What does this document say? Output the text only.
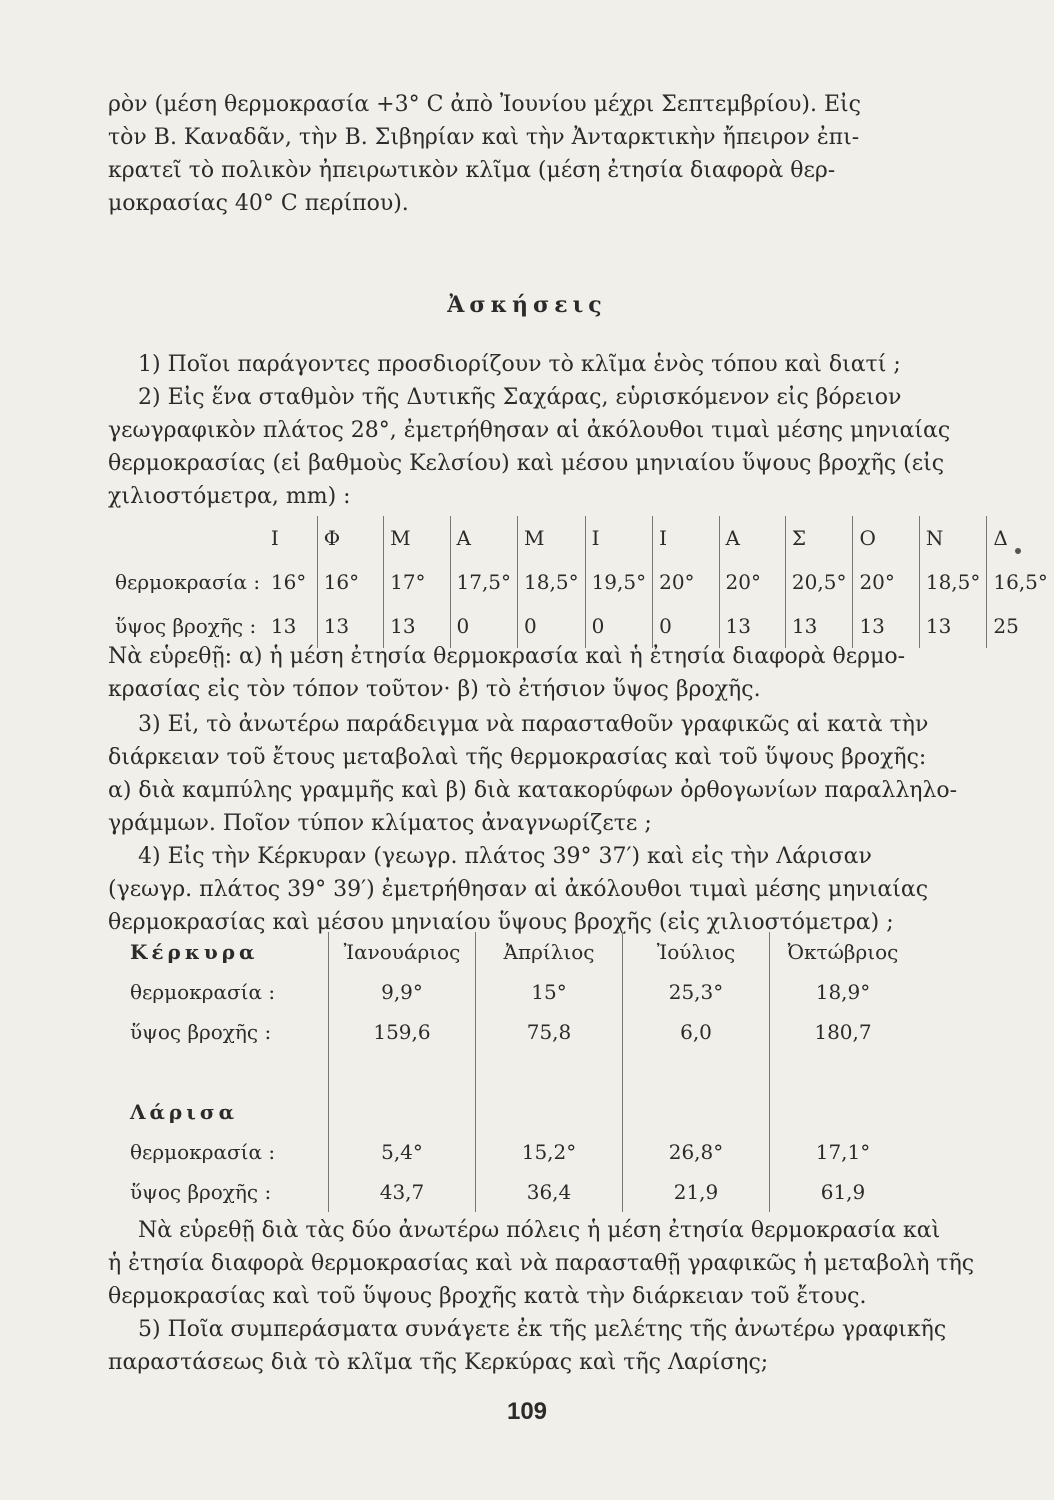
ρὸν (μέση θερμοκρασία +3° C ἀπὸ Ἰουνίου μέχρι Σεπτεμβρίου). Εἰς
τὸν Β. Καναδᾶν, τὴν Β. Σιβηρίαν καὶ τὴν Ἀνταρκτικὴν ἤπειρον ἐπι-
κρατεῖ τὸ πολικὸν ἠπειρωτικὸν κλῖμα (μέση ἐτησία διαφορὰ θερ-
μοκρασίας 40° C περίπου).
Ἀσκήσεις
1) Ποῖοι παράγοντες προσδιορίζουν τὸ κλῖμα ἑνὸς τόπου καὶ διατί ;
2) Εἰς ἕνα σταθμὸν τῆς Δυτικῆς Σαχάρας, εὑρισκόμενον εἰς βόρειον
γεωγραφικὸν πλάτος 28°, ἐμετρήθησαν αἱ ἀκόλουθοι τιμαὶ μέσης μηνιαίας
θερμοκρασίας (εἰ βαθμοὺς Κελσίου) καὶ μέσου μηνιαίου ὕψους βροχῆς (εἰς
χιλιοστόμετρα, mm) :
	Ι	Φ	Μ	Α	Μ	Ι	Ι	Α	Σ	Ο	Ν	Δ
θερμοκρασία :	16°	16°	17°	17,5°	18,5°	19,5°	20°	20°	20,5°	20°	18,5°	16,5°
ὕψος βροχῆς :	13	13	13	0	0	0	0	13	13	13	13	25
Νὰ εὑρεθῇ: α) ἡ μέση ἐτησία θερμοκρασία καὶ ἡ ἐτησία διαφορὰ θερμο-
κρασίας εἰς τὸν τόπον τοῦτον· β) τὸ ἐτήσιον ὕψος βροχῆς.
3) Εἰ, τὸ ἀνωτέρω παράδειγμα νὰ παρασταθοῦν γραφικῶς αἱ κατὰ τὴν
διάρκειαν τοῦ ἔτους μεταβολαὶ τῆς θερμοκρασίας καὶ τοῦ ὕψους βροχῆς:
α) διὰ καμπύλης γραμμῆς καὶ β) διὰ κατακορύφων ὀρθογωνίων παραλληλο-
γράμμων. Ποῖον τύπον κλίματος ἀναγνωρίζετε ;
4) Εἰς τὴν Κέρκυραν (γεωγρ. πλάτος 39° 37′) καὶ εἰς τὴν Λάρισαν
(γεωγρ. πλάτος 39° 39′) ἐμετρήθησαν αἱ ἀκόλουθοι τιμαὶ μέσης μηνιαίας
θερμοκρασίας καὶ μέσου μηνιαίου ὕψους βροχῆς (εἰς χιλιοστόμετρα) ;
Κέρκυρα	Ἰανουάριος	Ἀπρίλιος	Ἰούλιος	Ὀκτώβριος
θερμοκρασία :	9,9°	15°	25,3°	18,9°
ὕψος βροχῆς :	159,6	75,8	6,0	180,7

Λάρισα				
θερμοκρασία :	5,4°	15,2°	26,8°	17,1°
ὕψος βροχῆς :	43,7	36,4	21,9	61,9
Νὰ εὑρεθῇ διὰ τὰς δύο ἀνωτέρω πόλεις ἡ μέση ἐτησία θερμοκρασία καὶ
ἡ ἐτησία διαφορὰ θερμοκρασίας καὶ νὰ παρασταθῇ γραφικῶς ἡ μεταβολὴ τῆς
θερμοκρασίας καὶ τοῦ ὕψους βροχῆς κατὰ τὴν διάρκειαν τοῦ ἔτους.
5) Ποῖα συμπεράσματα συνάγετε ἐκ τῆς μελέτης τῆς ἀνωτέρω γραφικῆς
παραστάσεως διὰ τὸ κλῖμα τῆς Κερκύρας καὶ τῆς Λαρίσης;
109
